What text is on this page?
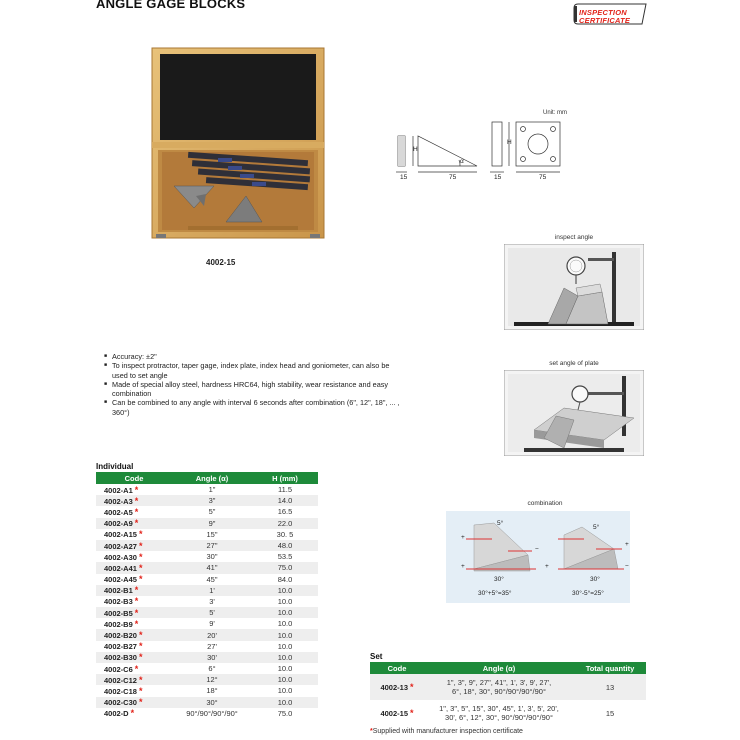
ANGLE GAGE BLOCKS
INSPECTION
CERTIFICATE
4002-15
Unit: mm
H
H
α
15	75	15	75
inspect angle
set angle of plate
■ Accuracy: ±2"
■ To inspect protractor, taper gage, index plate, index head and goniometer, can also be used to set angle
■ Made of special alloy steel, hardness HRC64, high stability, wear resistance and easy combination
■ Can be combined to any angle with interval 6 seconds after combination (6", 12", 18", ... , 360°)
combination
5°
30°
30°+5°=35°
5°
30°
30°-5°=25°
+
+
−
+
+
−
Individual
Code	Angle (α)	H (mm)
4002-A1 *	1"	11.5
4002-A3 *	3"	14.0
4002-A5 *	5"	16.5
4002-A9 *	9"	22.0
4002-A15 *	15"	30. 5
4002-A27 *	27"	48.0
4002-A30 *	30"	53.5
4002-A41 *	41"	75.0
4002-A45 *	45"	84.0
4002-B1 *	1'	10.0
4002-B3 *	3'	10.0
4002-B5 *	5'	10.0
4002-B9 *	9'	10.0
4002-B20 *	20'	10.0
4002-B27 *	27'	10.0
4002-B30 *	30'	10.0
4002-C6 *	6°	10.0
4002-C12 *	12°	10.0
4002-C18 *	18°	10.0
4002-C30 *	30°	10.0
4002-D *	90°/90°/90°/90°	75.0
Set
Code	Angle (α)	Total quantity
4002-13 *	1", 3", 9", 27", 41", 1', 3', 9', 27',
6°, 18°, 30°, 90°/90°/90°/90°	13
4002-15 *	1", 3", 5", 15", 30", 45", 1', 3', 5', 20',
30', 6°, 12°, 30°, 90°/90°/90°/90°	15
*Supplied with manufacturer inspection certificate
